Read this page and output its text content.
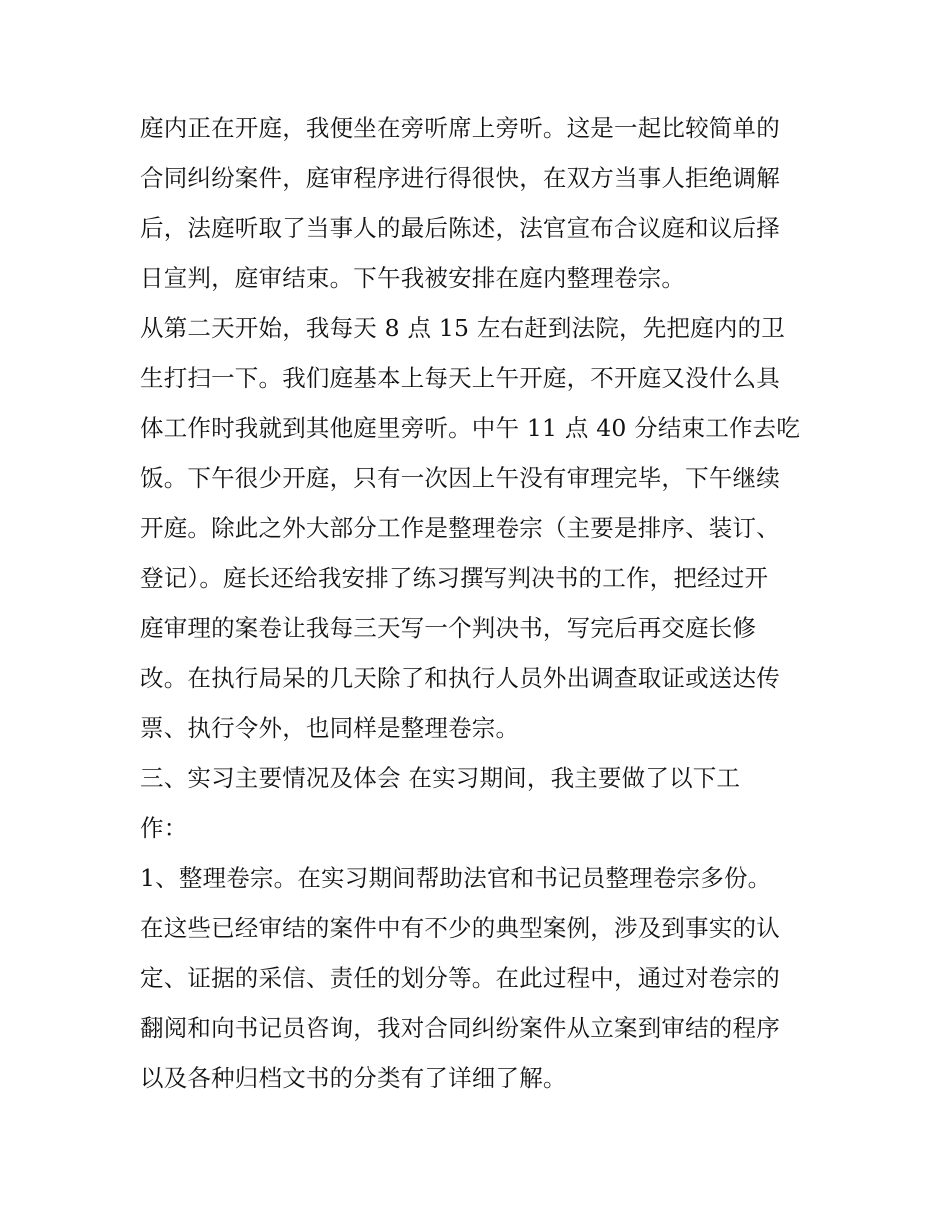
庭内正在开庭，我便坐在旁听席上旁听。这是一起比较简单的
合同纠纷案件，庭审程序进行得很快，在双方当事人拒绝调解
后，法庭听取了当事人的最后陈述，法官宣布合议庭和议后择
日宣判，庭审结束。下午我被安排在庭内整理卷宗。
从第二天开始，我每天 8 点 15 左右赶到法院，先把庭内的卫
生打扫一下。我们庭基本上每天上午开庭，不开庭又没什么具
体工作时我就到其他庭里旁听。中午 11 点 40 分结束工作去吃
饭。下午很少开庭，只有一次因上午没有审理完毕，下午继续
开庭。除此之外大部分工作是整理卷宗（主要是排序、装订、
登记）。庭长还给我安排了练习撰写判决书的工作，把经过开
庭审理的案卷让我每三天写一个判决书，写完后再交庭长修
改。在执行局呆的几天除了和执行人员外出调查取证或送达传
票、执行令外，也同样是整理卷宗。
三、实习主要情况及体会 在实习期间，我主要做了以下工
作：
1、整理卷宗。在实习期间帮助法官和书记员整理卷宗多份。
在这些已经审结的案件中有不少的典型案例，涉及到事实的认
定、证据的采信、责任的划分等。在此过程中，通过对卷宗的
翻阅和向书记员咨询，我对合同纠纷案件从立案到审结的程序
以及各种归档文书的分类有了详细了解。
